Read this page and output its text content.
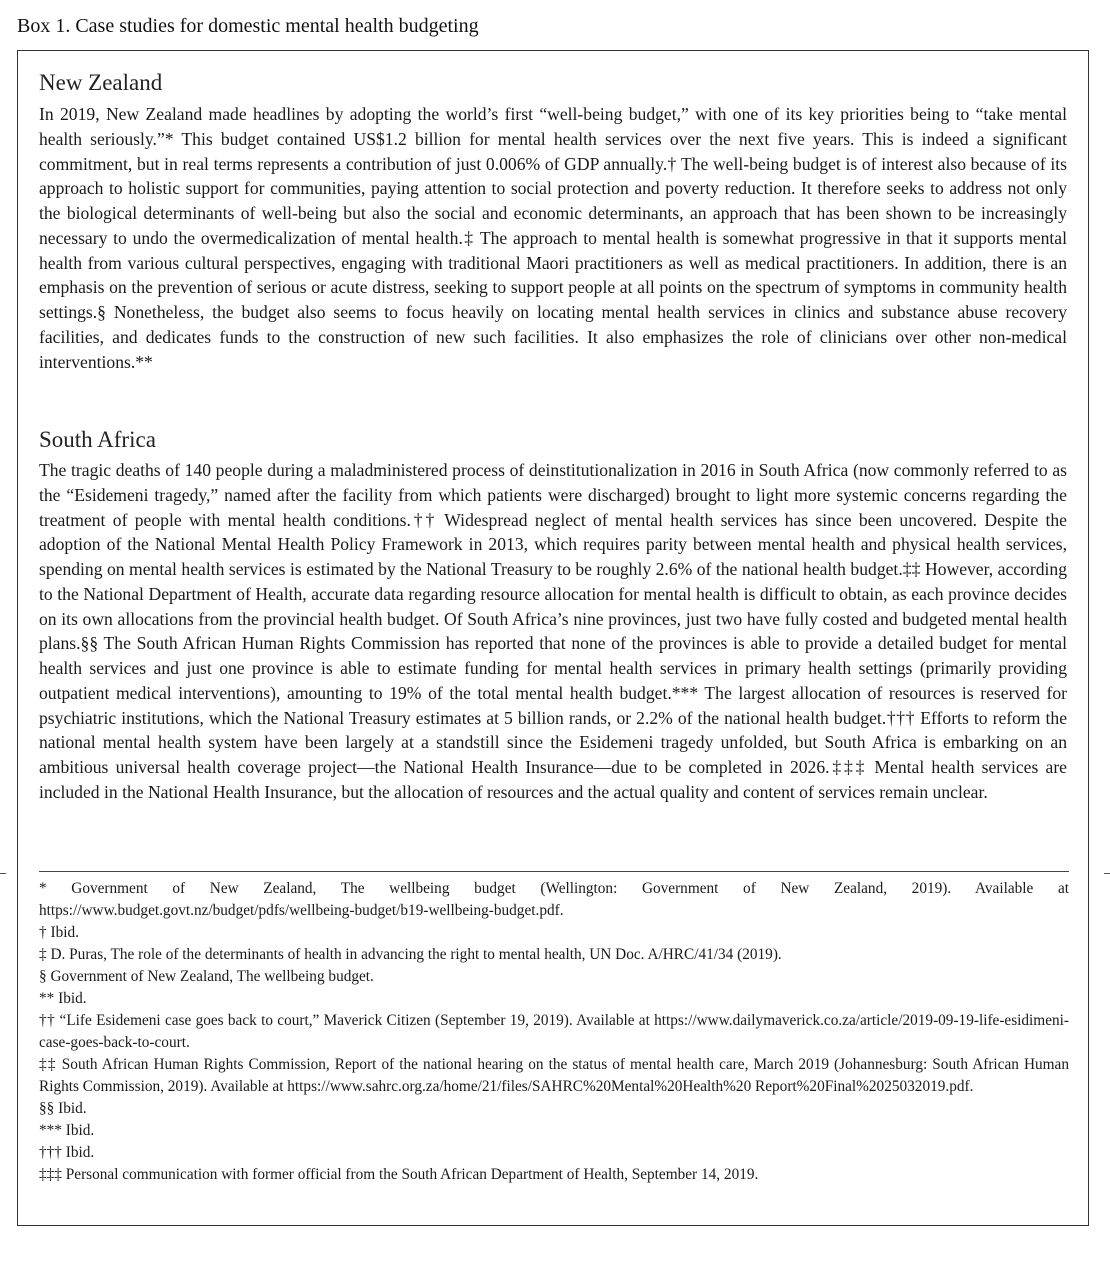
Box 1. Case studies for domestic mental health budgeting
New Zealand
In 2019, New Zealand made headlines by adopting the world’s first “well-being budget,” with one of its key priorities being to “take mental health seriously.”* This budget contained US$1.2 billion for mental health services over the next five years. This is indeed a significant commitment, but in real terms represents a contribution of just 0.006% of GDP annually.† The well-being budget is of interest also because of its approach to holistic support for communities, paying attention to social protection and poverty reduction. It therefore seeks to address not only the biological determinants of well-being but also the social and economic determinants, an approach that has been shown to be increasingly necessary to undo the overmedicalization of mental health.‡ The approach to mental health is somewhat progressive in that it supports mental health from various cultural perspectives, engaging with traditional Maori practitioners as well as medical practitioners. In addition, there is an emphasis on the prevention of serious or acute distress, seeking to support people at all points on the spectrum of symptoms in community health settings.§ Nonetheless, the budget also seems to focus heavily on locating mental health services in clinics and substance abuse recovery facilities, and dedicates funds to the construction of new such facilities. It also emphasizes the role of clinicians over other non-medical interventions.**
South Africa
The tragic deaths of 140 people during a maladministered process of deinstitutionalization in 2016 in South Africa (now commonly referred to as the “Esidemeni tragedy,” named after the facility from which patients were discharged) brought to light more systemic concerns regarding the treatment of people with mental health conditions.†† Widespread neglect of mental health services has since been uncovered. Despite the adoption of the National Mental Health Policy Framework in 2013, which requires parity between mental health and physical health services, spending on mental health services is estimated by the National Treasury to be roughly 2.6% of the national health budget.‡‡ However, according to the National Department of Health, accurate data regarding resource allocation for mental health is difficult to obtain, as each province decides on its own allocations from the provincial health budget. Of South Africa’s nine provinces, just two have fully costed and budgeted mental health plans.§§ The South African Human Rights Commission has reported that none of the provinces is able to provide a detailed budget for mental health services and just one province is able to estimate funding for mental health services in primary health settings (primarily providing outpatient medical interventions), amounting to 19% of the total mental health budget.*** The largest allocation of resources is reserved for psychiatric institutions, which the National Treasury estimates at 5 billion rands, or 2.2% of the national health budget.††† Efforts to reform the national mental health system have been largely at a standstill since the Esidemeni tragedy unfolded, but South Africa is embarking on an ambitious universal health coverage project—the National Health Insurance—due to be completed in 2026.‡‡‡ Mental health services are included in the National Health Insurance, but the allocation of resources and the actual quality and content of services remain unclear.

* Government of New Zealand, The wellbeing budget (Wellington: Government of New Zealand, 2019). Available at https://www.budget.govt.nz/budget/pdfs/wellbeing-budget/b19-wellbeing-budget.pdf.

† Ibid.

‡ D. Puras, The role of the determinants of health in advancing the right to mental health, UN Doc. A/HRC/41/34 (2019).

§ Government of New Zealand, The wellbeing budget.

** Ibid.

†† “Life Esidemeni case goes back to court,” Maverick Citizen (September 19, 2019). Available at https://www.dailymaverick.co.za/article/2019-09-19-life-esidimeni-case-goes-back-to-court.

‡‡ South African Human Rights Commission, Report of the national hearing on the status of mental health care, March 2019 (Johannesburg: South African Human Rights Commission, 2019). Available at https://www.sahrc.org.za/home/21/files/SAHRC%20Mental%20Health%20 Report%20Final%2025032019.pdf.

§§ Ibid.

*** Ibid.

††† Ibid.

‡‡‡ Personal communication with former official from the South African Department of Health, September 14, 2019.
